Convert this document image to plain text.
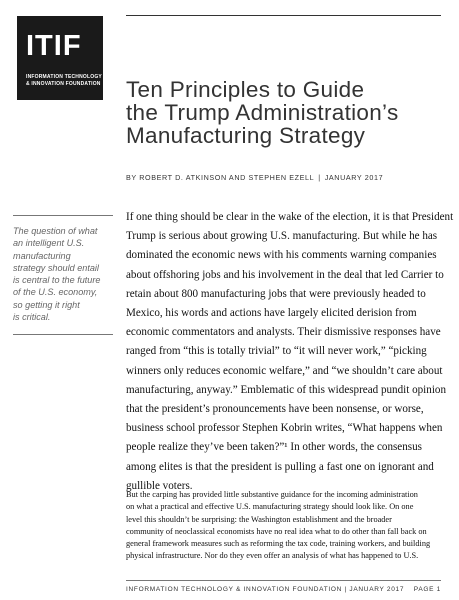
ITIF
INFORMATION TECHNOLOGY
& INNOVATION FOUNDATION Ten Principles to Guide
the Trump Administration’s
Manufacturing Strategy
BY ROBERT D. ATKINSON AND STEPHEN EZELL | JANUARY 2017
The question of what
an intelligent U.S.
manufacturing
strategy should entail
is central to the future
of the U.S. economy,
so getting it right
is critical.
If one thing should be clear in the wake of the election, it is that President
Trump is serious about growing U.S. manufacturing. But while he has
dominated the economic news with his comments warning companies
about offshoring jobs and his involvement in the deal that led Carrier to
retain about 800 manufacturing jobs that were previously headed to
Mexico, his words and actions have largely elicited derision from
economic commentators and analysts. Their dismissive responses have
ranged from “this is totally trivial” to “it will never work,” “picking
winners only reduces economic welfare,” and “we shouldn’t care about
manufacturing, anyway.” Emblematic of this widespread pundit opinion
that the president’s pronouncements have been nonsense, or worse,
business school professor Stephen Kobrin writes, “What happens when
people realize they’ve been taken?”¹ In other words, the consensus
among elites is that the president is pulling a fast one on ignorant and
gullible voters.
But the carping has provided little substantive guidance for the incoming administration
on what a practical and effective U.S. manufacturing strategy should look like. On one
level this shouldn’t be surprising: the Washington establishment and the broader
community of neoclassical economists have no real idea what to do other than fall back on
general framework measures such as reforming the tax code, training workers, and building
physical infrastructure. Nor do they even offer an analysis of what has happened to U.S.
INFORMATION TECHNOLOGY & INNOVATION FOUNDATION | JANUARY 2017 PAGE 1
